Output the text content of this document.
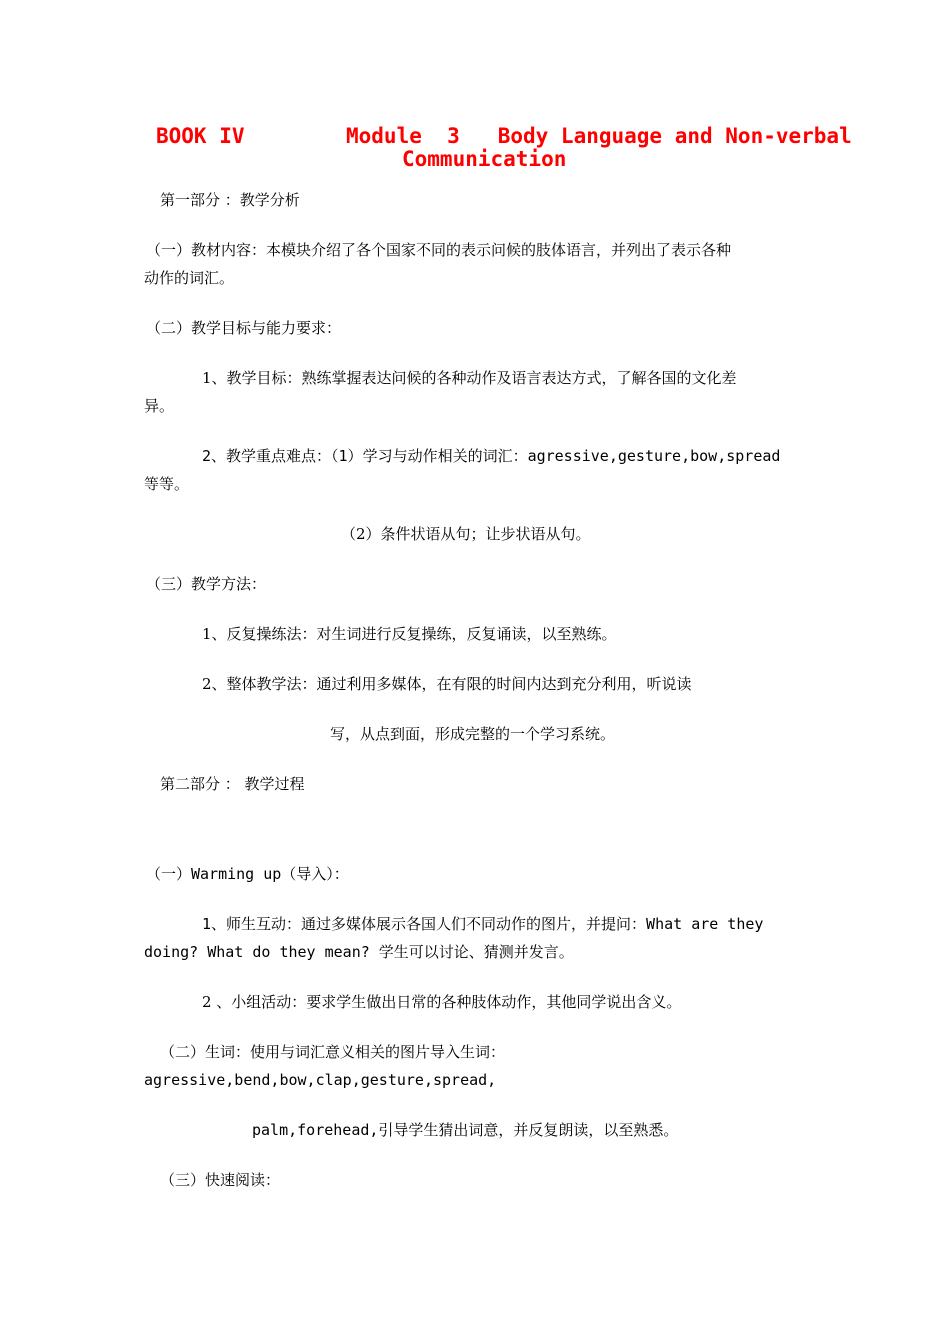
BOOK IV	Module  3   Body Language and Non-verbal
Communication
第一部分 ：教学分析
（一）教材内容：本模块介绍了各个国家不同的表示问候的肢体语言，并列出了表示各种
动作的词汇。
（二）教学目标与能力要求：
1、教学目标：熟练掌握表达问候的各种动作及语言表达方式，了解各国的文化差
异。
2、教学重点难点：（1）学习与动作相关的词汇：agressive,gesture,bow,spread
等等。
（2）条件状语从句；让步状语从句。
（三）教学方法：
1、反复操练法：对生词进行反复操练，反复诵读，以至熟练。
2、整体教学法：通过利用多媒体，在有限的时间内达到充分利用，听说读
写，从点到面，形成完整的一个学习系统。
第二部分 ： 教学过程
（一）Warming up（导入）：
1、师生互动：通过多媒体展示各国人们不同动作的图片，并提问：What are they
doing? What do they mean? 学生可以讨论、猜测并发言。
2 、小组活动：要求学生做出日常的各种肢体动作，其他同学说出含义。
（二）生词：使用与词汇意义相关的图片导入生词：
agressive,bend,bow,clap,gesture,spread,
palm,forehead,引导学生猜出词意，并反复朗读，以至熟悉。
（三）快速阅读：
